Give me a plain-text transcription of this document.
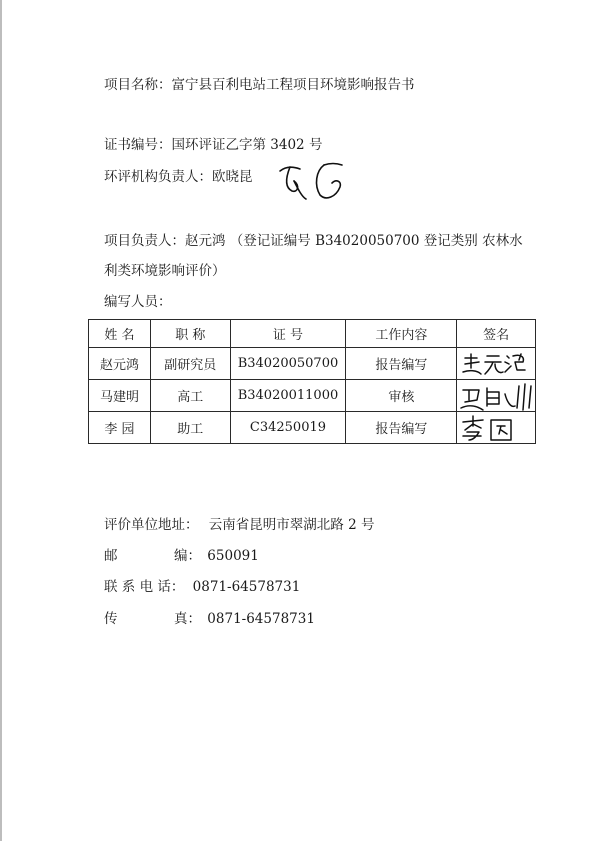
项目名称：富宁县百利电站工程项目环境影响报告书
证书编号：国环评证乙字第 3402 号
环评机构负责人：欧晓昆
项目负责人：赵元鸿 （登记证编号 B34020050700 登记类别 农林水
利类环境影响评价）
编写人员：
姓 名	职 称	证 号	工作内容	签名
赵元鸿	副研究员	B34020050700	报告编写	

马建明	高工	B34020011000	审核	

李 园	助工	C34250019	报告编写	
评价单位地址： 云南省昆明市翠湖北路 2 号
邮	编： 650091
联 系 电 话： 0871-64578731
传	真： 0871-64578731
